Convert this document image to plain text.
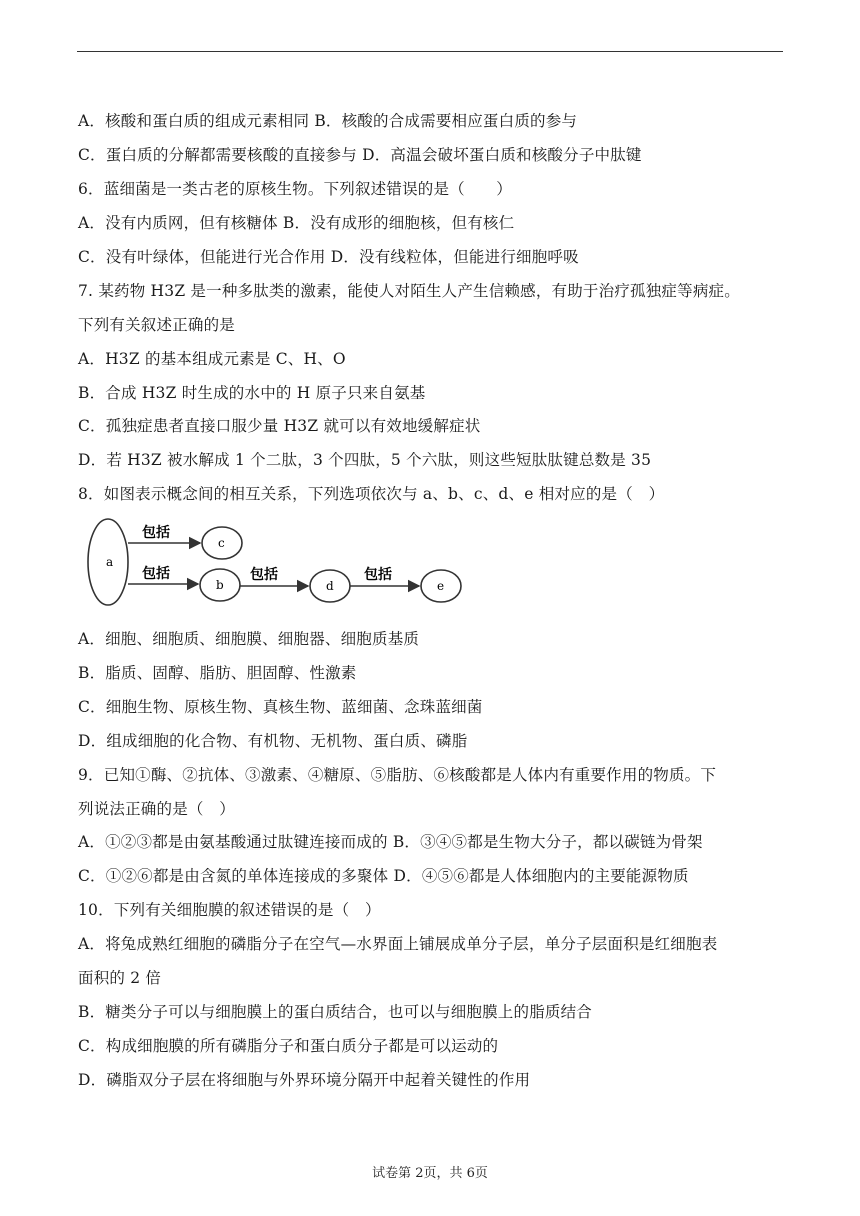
A．核酸和蛋白质的组成元素相同 B．核酸的合成需要相应蛋白质的参与
C．蛋白质的分解都需要核酸的直接参与 D．高温会破坏蛋白质和核酸分子中肽键
6．蓝细菌是一类古老的原核生物。下列叙述错误的是（　　）
A．没有内质网，但有核糖体 B．没有成形的细胞核，但有核仁
C．没有叶绿体，但能进行光合作用 D．没有线粒体，但能进行细胞呼吸
7. 某药物 H3Z 是一种多肽类的激素，能使人对陌生人产生信赖感，有助于治疗孤独症等病症。
下列有关叙述正确的是
A．H3Z 的基本组成元素是 C、H、O
B．合成 H3Z 时生成的水中的 H 原子只来自氨基
C．孤独症患者直接口服少量 H3Z 就可以有效地缓解症状
D．若 H3Z 被水解成 1 个二肽，3 个四肽，5 个六肽，则这些短肽肽键总数是 35
8．如图表示概念间的相互关系，下列选项依次与 a、b、c、d、e 相对应的是（　）
A．细胞、细胞质、细胞膜、细胞器、细胞质基质
B．脂质、固醇、脂肪、胆固醇、性激素
C．细胞生物、原核生物、真核生物、蓝细菌、念珠蓝细菌
D．组成细胞的化合物、有机物、无机物、蛋白质、磷脂
9．已知①酶、②抗体、③激素、④糖原、⑤脂肪、⑥核酸都是人体内有重要作用的物质。下
列说法正确的是（　）
A．①②③都是由氨基酸通过肽键连接而成的 B．③④⑤都是生物大分子，都以碳链为骨架
C．①②⑥都是由含氮的单体连接成的多聚体 D．④⑤⑥都是人体细胞内的主要能源物质
10．下列有关细胞膜的叙述错误的是（　）
A．将兔成熟红细胞的磷脂分子在空气—水界面上铺展成单分子层，单分子层面积是红细胞表
面积的 2 倍
B．糖类分子可以与细胞膜上的蛋白质结合，也可以与细胞膜上的脂质结合
C．构成细胞膜的所有磷脂分子和蛋白质分子都是可以运动的
D．磷脂双分子层在将细胞与外界环境分隔开中起着关键性的作用
a
c
b	d	e
包括
包括	包括	包括
试卷第 2页，共 6页
